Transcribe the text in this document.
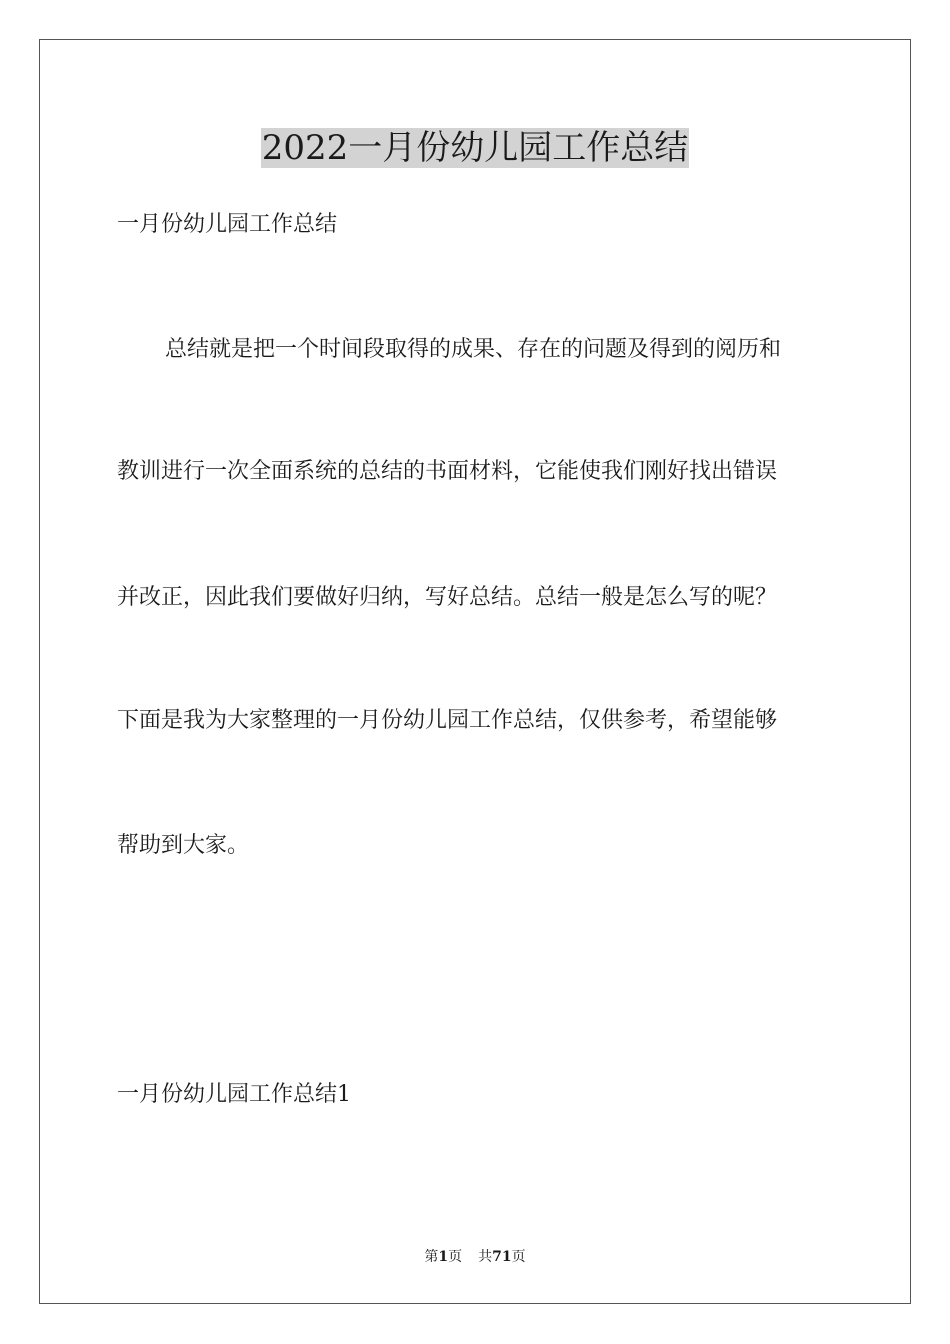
2022一月份幼儿园工作总结

一月份幼儿园工作总结

总结就是把一个时间段取得的成果、存在的问题及得到的阅历和

教训进行一次全面系统的总结的书面材料，它能使我们刚好找出错误

并改正，因此我们要做好归纳，写好总结。总结一般是怎么写的呢？

下面是我为大家整理的一月份幼儿园工作总结，仅供参考，希望能够

帮助到大家。

一月份幼儿园工作总结1

第1页 共71页
